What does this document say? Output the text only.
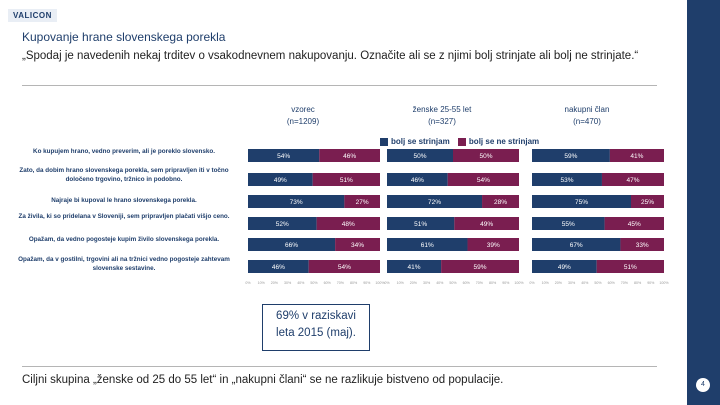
VALICON
4
Kupovanje hrane slovenskega porekla
„Spodaj je navedenih nekaj trditev o vsakodnevnem nakupovanju. Označite ali se z njimi bolj strinjate ali bolj ne strinjate.“
vzorec
(n=1209)
ženske 25-55 let
(n=327)
nakupni član
(n=470)
bolj se strinjam
bolj se ne strinjam
Ko kupujem hrano, vedno preverim, ali je poreklo slovensko.
Zato, da dobim hrano slovenskega porekla, sem pripravljen iti v točno določeno trgovino, tržnico in podobno.
Najraje bi kupoval le hrano slovenskega porekla.
Za živila, ki so pridelana v Sloveniji, sem pripravljen plačati višjo ceno.
Opažam, da vedno pogosteje kupim živilo slovenskega porekla.
Opažam, da v gostilni, trgovini ali na tržnici vedno pogosteje zahtevam slovenske sestavine.
54%	46%
49%	51%
73%	27%
52%	48%
66%	34%
46%	54%
0% 10% 20% 30% 40% 50% 60% 70% 80% 90% 100%
50%	50%
46%	54%
72%	28%
51%	49%
61%	39%
41%	59%
0% 10% 20% 30% 40% 50% 60% 70% 80% 90% 100%
59%	41%
53%	47%
75%	25%
55%	45%
67%	33%
49%	51%
0% 10% 20% 30% 40% 50% 60% 70% 80% 90% 100%
69% v raziskavi
leta 2015 (maj).
Ciljni skupina „ženske od 25 do 55 let“ in „nakupni člani“ se ne razlikuje bistveno od populacije.
